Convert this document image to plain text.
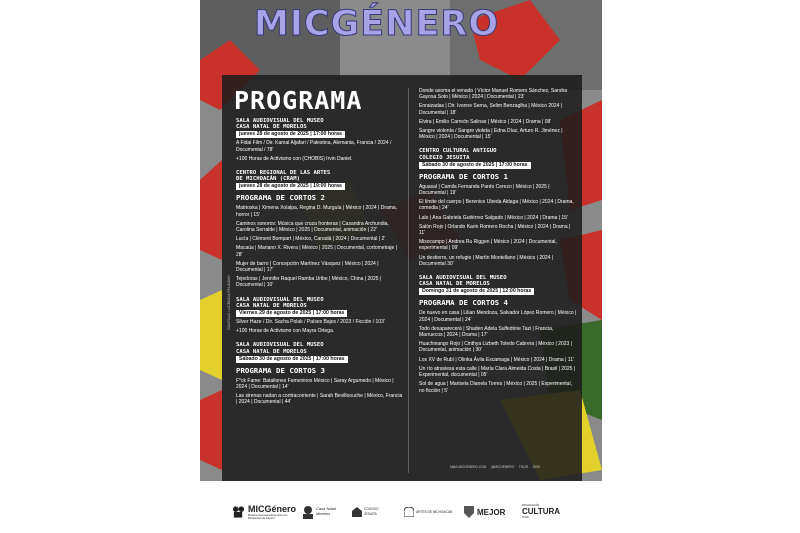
MICGÉNERO
PROGRAMA
GOLFILLO • LICENCIA PELIKANO
SALA AUDIOVISUAL DEL MUSEO
CASA NATAL DE MORELOS
jueves 28 de agosto de 2025 | 17:00 horas
A Fidai Film / Dir. Kamal Aljafari / Palestina, Alemania, Francia / 2024 / Documental / 78'
+100 Horas de Activismo con (CHOBIS) Irvin Daniel.
CENTRO REGIONAL DE LAS ARTES
DE MICHOACÁN (CRAM)
jueves 28 de agosto de 2025 | 19:00 horas
PROGRAMA DE CORTOS 2
Matrioska | Ximena Xolalpa, Regina D. Murguía | México | 2024 | Drama, horror | 15'
Caminos sonoros: Música que cruza fronteras | Casandra Archundia, Carolina Serralde | México | 2025 | Documental, animación | 22'
Lucía | Clément Bompart | México, Canadá | 2024 | Documental | 2'
Macaúa | Mariano X. Rivera | México | 2025 | Documental, cortometraje | 28'
Mujer de barro | Concepción Martínez Vásquez | México | 2024 | Documental | 17'
Tejedoras | Jennifer Raquel Ramba Uribe | México, China | 2025 | Documental | 10'
SALA AUDIOVISUAL DEL MUSEO
CASA NATAL DE MORELOS
Viernes 29 de agosto de 2025 | 17:00 horas
Silver Haze / Dir. Sacha Polak / Países Bajos / 2023 / Ficción / 103'
+100 Horas de Activismo con Mayra Ortega.
SALA AUDIOVISUAL DEL MUSEO
CASA NATAL DE MORELOS
Sábado 30 de agosto de 2025 | 17:00 horas
PROGRAMA DE CORTOS 3
F*ck Fame: Batallones Femeninos México | Saray Argumedo | México | 2024 | Documental | 14'
Las sirenas nadan a contracorriente | Sarah Bevilloouche | México, Francia | 2024 | Documental | 44'
Donde asoma el venado | Víctor Manuel Romero Sánchez, Sandra Gayosa Soto | México | 2024 | Documental | 23'
Enraizadas | Dir. Ivonne Serna, Selim Benzaglha | México 2024 | Documental | 18'
Elvira | Emilio Carreón Salinas | México | 2024 | Drama | 08'
Sangre violenta / Sangre violeta | Edna Díaz, Arturo R. Jiménez | México | 2024 | Documental | 15'
CENTRO CULTURAL ANTIGUO
COLEGIO JESUITA
Sábado 30 de agosto de 2025 | 17:00 horas
PROGRAMA DE CORTOS 1
Aguasal | Camila Fernanda Pardo Cerezo | México | 2025 | Documental | 19'
El límite del cuerpo | Berenice Ubeda Aldaga | México | 2024 | Drama, comedia | 24'
Lalo | Ana Gabriela Gutiérrez Salgado | México | 2024 | Drama | 15'
Salón Rojo | Orlando Karin Romero Rocha | México | 2024 | Drama | 11'
Misocampo | Andrea Ru Riggen | México | 2024 | Documental, experimental | 09'
Un destierro, un refugio | Martín Montellano | México | 2024 | Documental 30'
SALA AUDIOVISUAL DEL MUSEO
CASA NATAL DE MORELOS
Domingo 31 de agosto de 2025 | 12:00 horas
PROGRAMA DE CORTOS 4
De nuevo en casa | Lilian Mendoza, Salvador López Romero | México | 2024 | Documental | 24'
Todo desaparecerá | Shaden Adela Sulfedrine Tazi | Francia, Marruecos | 2024 | Drama | 17'
Huachinango Rojo | Cinthya Lizbeth Toledo Cabrera | México | 2023 | Documental, animación | 30'
Los XV de Rubí | Olinka Ávila Escamaga | México | 2024 | Drama | 11'
Un río atraviesa esta calle | María Clara Almeida Costa | Brasil | 2025 | Experimental, documental | 05'
Sol de agua | Marisela Dianela Torres | México | 2025 | Experimental, no ficción | 5'
MMA.MICGENERO.COM @MICGENERO TOUR 2025
MICGénero
Muestra Internacional de Cine con Perspectiva de Género
Casa Natal Morelos
COLEGIO JESUITA
ARTES DE MICHOACÁN	MEJOR
MICHOACÁN
CULTURA
VIVA
